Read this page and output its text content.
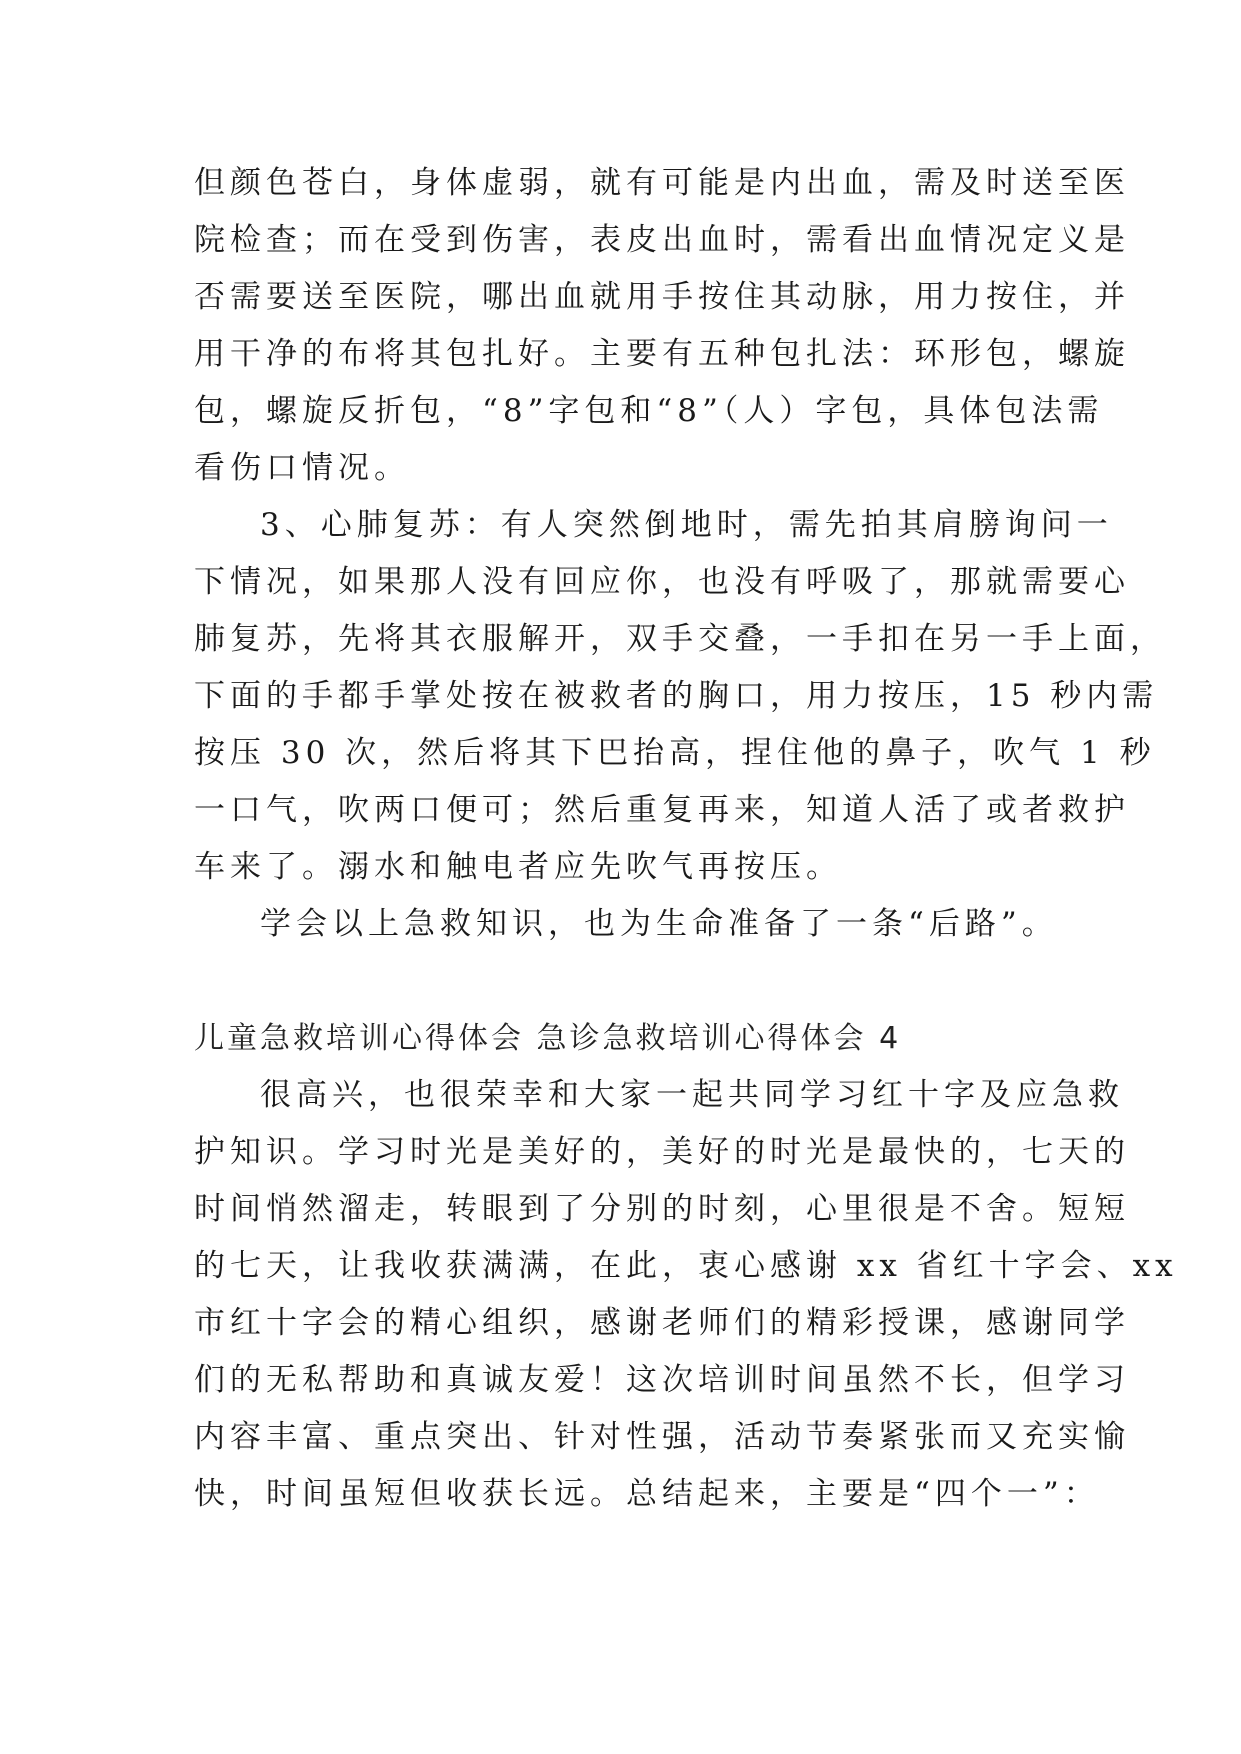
但颜色苍白，身体虚弱，就有可能是内出血，需及时送至医
院检查；而在受到伤害，表皮出血时，需看出血情况定义是
否需要送至医院，哪出血就用手按住其动脉，用力按住，并
用干净的布将其包扎好。主要有五种包扎法：环形包，螺旋
包，螺旋反折包，“8”字包和“8”（人）字包，具体包法需
看伤口情况。
3、心肺复苏：有人突然倒地时，需先拍其肩膀询问一
下情况，如果那人没有回应你，也没有呼吸了，那就需要心
肺复苏，先将其衣服解开，双手交叠，一手扣在另一手上面，
下面的手都手掌处按在被救者的胸口，用力按压，15 秒内需
按压 30 次，然后将其下巴抬高，捏住他的鼻子，吹气 1 秒
一口气，吹两口便可；然后重复再来，知道人活了或者救护
车来了。溺水和触电者应先吹气再按压。
学会以上急救知识，也为生命准备了一条“后路”。
儿童急救培训心得体会 急诊急救培训心得体会 4
很高兴，也很荣幸和大家一起共同学习红十字及应急救
护知识。学习时光是美好的，美好的时光是最快的，七天的
时间悄然溜走，转眼到了分别的时刻，心里很是不舍。短短
的七天，让我收获满满，在此，衷心感谢 xx 省红十字会、xx
市红十字会的精心组织，感谢老师们的精彩授课，感谢同学
们的无私帮助和真诚友爱！这次培训时间虽然不长，但学习
内容丰富、重点突出、针对性强，活动节奏紧张而又充实愉
快，时间虽短但收获长远。总结起来，主要是“四个一”：
